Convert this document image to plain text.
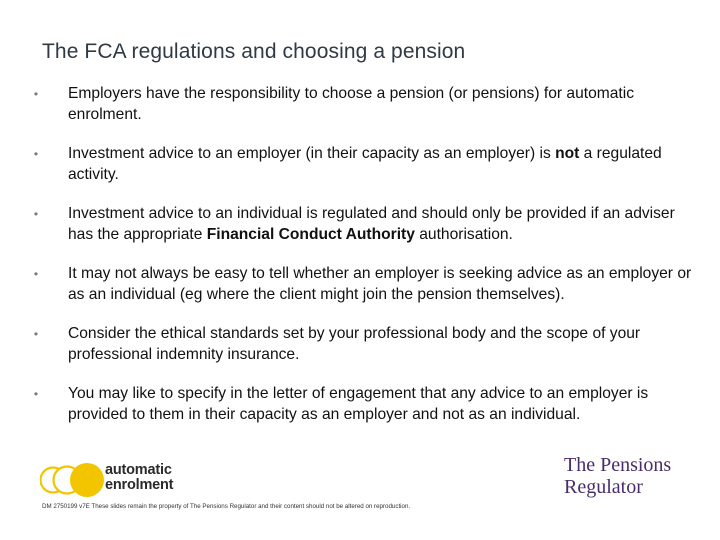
The FCA regulations and choosing a pension
• Employers have the responsibility to choose a pension (or pensions) for automatic enrolment.
• Investment advice to an employer (in their capacity as an employer) is not a regulated activity.
• Investment advice to an individual is regulated and should only be provided if an adviser has the appropriate Financial Conduct Authority authorisation.
• It may not always be easy to tell whether an employer is seeking advice as an employer or as an individual (eg where the client might join the pension themselves).
• Consider the ethical standards set by your professional body and the scope of your professional indemnity insurance.
• You may like to specify in the letter of engagement that any advice to an employer is provided to them in their capacity as an employer and not as an individual.
automatic
enrolment
The Pensions
Regulator
DM 2750199 v7E These slides remain the property of The Pensions Regulator and their content should not be altered on reproduction.
